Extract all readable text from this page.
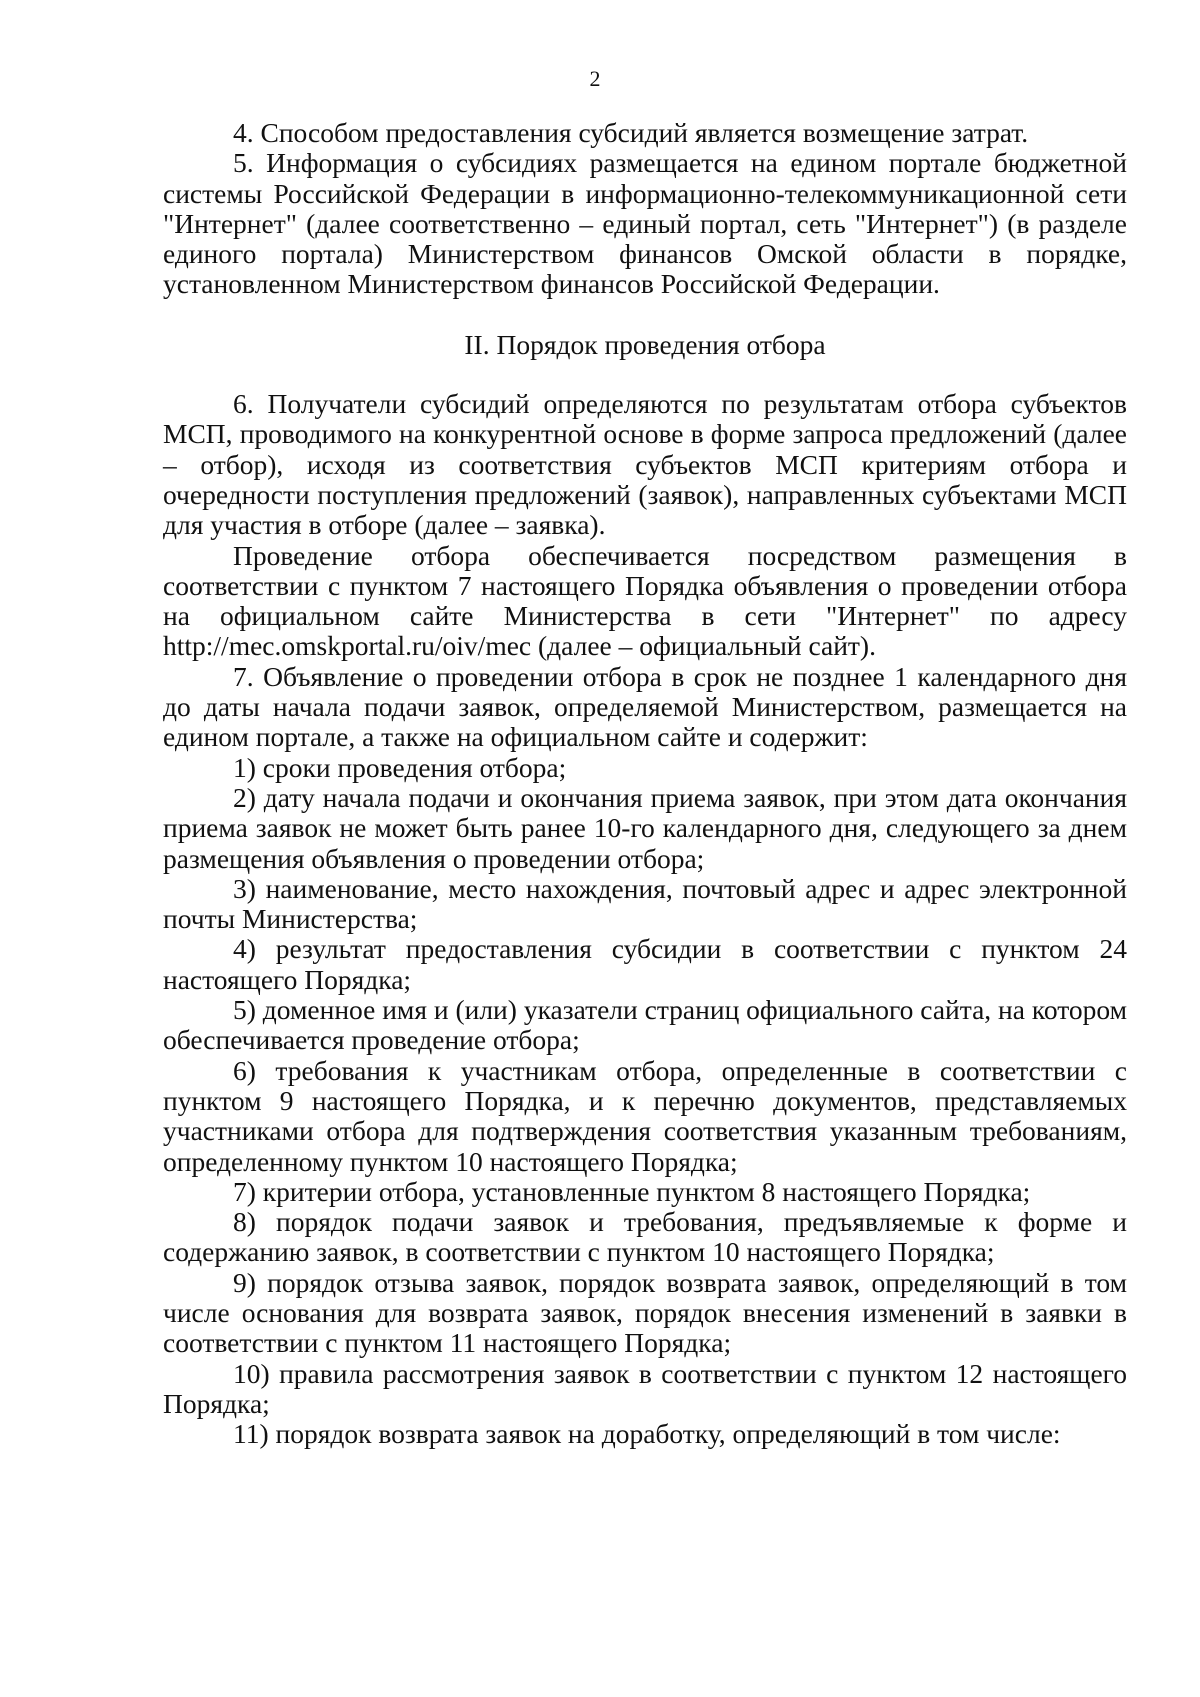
2

4. Способом предоставления субсидий является возмещение затрат.

5. Информация о субсидиях размещается на едином портале бюджетной системы Российской Федерации в информационно-телекоммуникационной сети "Интернет" (далее соответственно – единый портал, сеть "Интернет") (в разделе единого портала) Министерством финансов Омской области в порядке, установленном Министерством финансов Российской Федерации.

II. Порядок проведения отбора

6. Получатели субсидий определяются по результатам отбора субъектов МСП, проводимого на конкурентной основе в форме запроса предложений (далее – отбор), исходя из соответствия субъектов МСП критериям отбора и очередности поступления предложений (заявок), направленных субъектами МСП для участия в отборе (далее – заявка).

Проведение отбора обеспечивается посредством размещения в соответствии с пунктом 7 настоящего Порядка объявления о проведении отбора на официальном сайте Министерства в сети "Интернет" по адресу http://mec.omskportal.ru/oiv/mec (далее – официальный сайт).

7. Объявление о проведении отбора в срок не позднее 1 календарного дня до даты начала подачи заявок, определяемой Министерством, размещается на едином портале, а также на официальном сайте и содержит:

1) сроки проведения отбора;

2) дату начала подачи и окончания приема заявок, при этом дата окончания приема заявок не может быть ранее 10-го календарного дня, следующего за днем размещения объявления о проведении отбора;

3) наименование, место нахождения, почтовый адрес и адрес электронной почты Министерства;

4) результат предоставления субсидии в соответствии с пунктом 24 настоящего Порядка;

5) доменное имя и (или) указатели страниц официального сайта, на котором обеспечивается проведение отбора;

6) требования к участникам отбора, определенные в соответствии с пунктом 9 настоящего Порядка, и к перечню документов, представляемых участниками отбора для подтверждения соответствия указанным требованиям, определенному пунктом 10 настоящего Порядка;

7) критерии отбора, установленные пунктом 8 настоящего Порядка;

8) порядок подачи заявок и требования, предъявляемые к форме и содержанию заявок, в соответствии с пунктом 10 настоящего Порядка;

9) порядок отзыва заявок, порядок возврата заявок, определяющий в том числе основания для возврата заявок, порядок внесения изменений в заявки в соответствии с пунктом 11 настоящего Порядка;

10) правила рассмотрения заявок в соответствии с пунктом 12 настоящего Порядка;

11) порядок возврата заявок на доработку, определяющий в том числе:
